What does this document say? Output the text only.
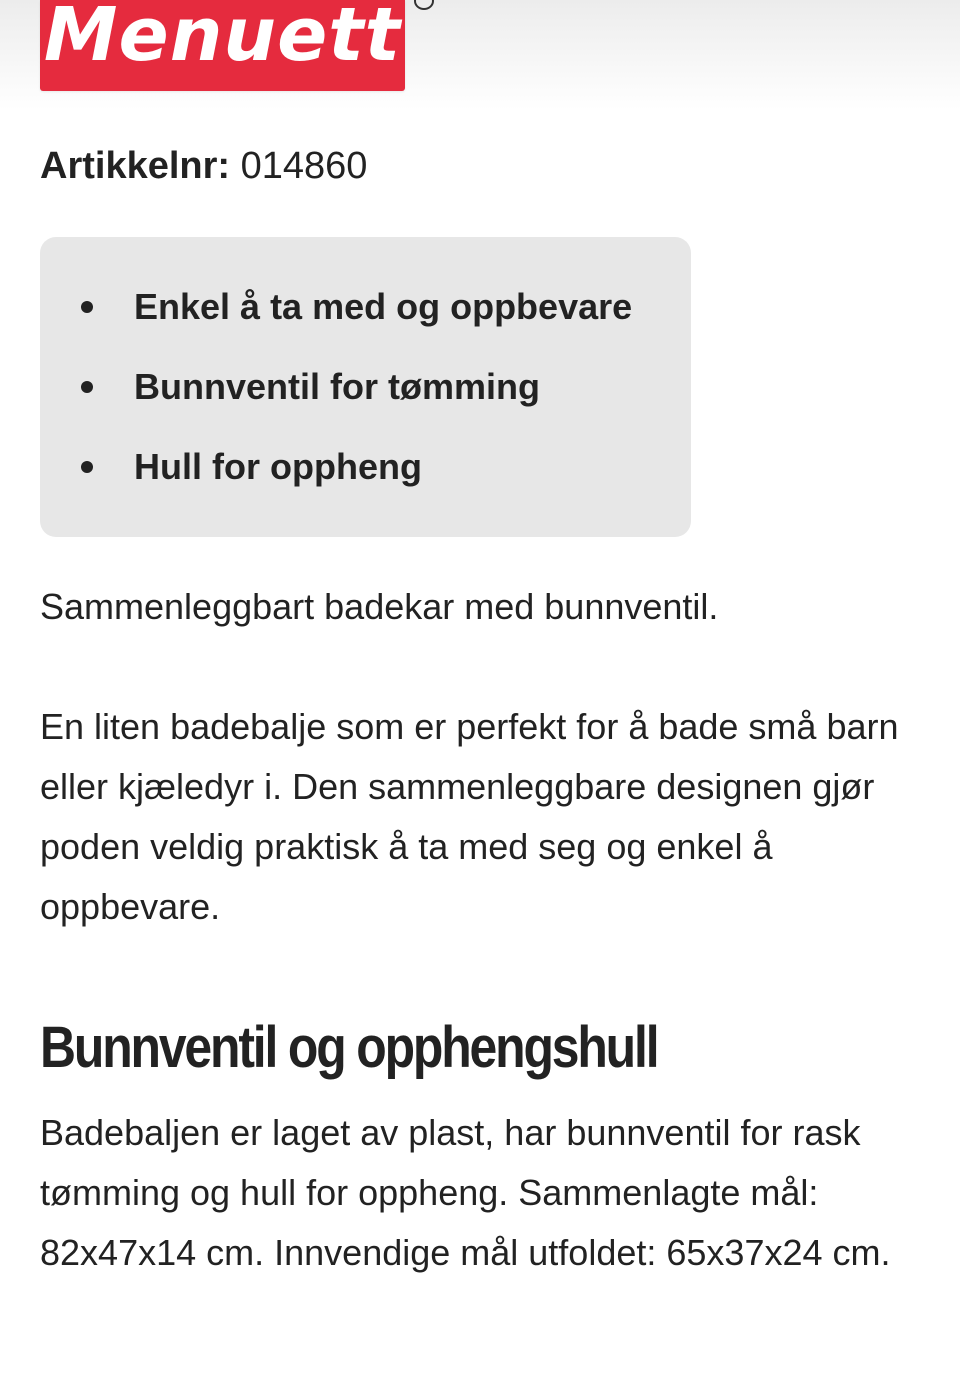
Menuett
Artikkelnr: 014860
Enkel å ta med og oppbevare
Bunnventil for tømming
Hull for oppheng

Sammenleggbart badekar med bunnventil.

En liten badebalje som er perfekt for å bade små barn eller kjæledyr i. Den sammenleggbare designen gjør poden veldig praktisk å ta med seg og enkel å oppbevare.

Bunnventil og opphengshull

Badebaljen er laget av plast, har bunnventil for rask tømming og hull for oppheng. Sammenlagte mål: 82x47x14 cm. Innvendige mål utfoldet: 65x37x24 cm.
